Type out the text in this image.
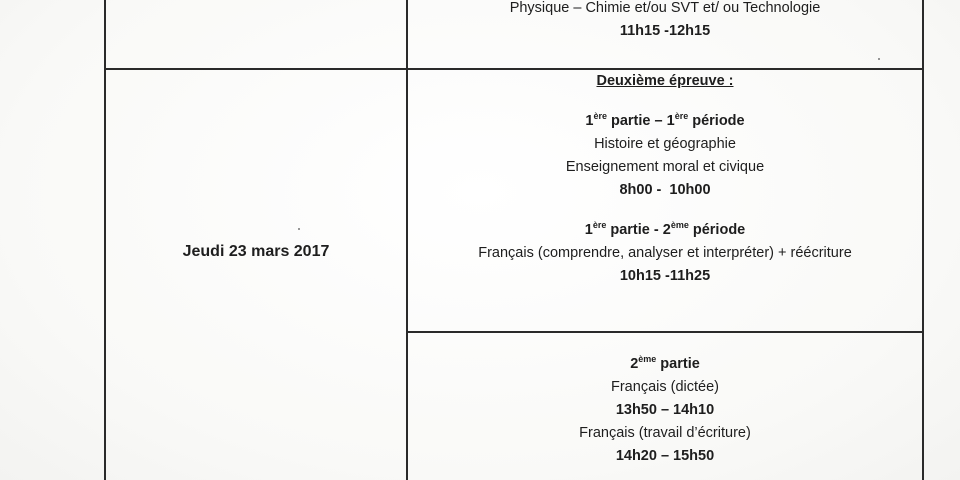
Physique – Chimie et/ou SVT et/ ou Technologie
11h15 -12h15
Jeudi 23 mars 2017
Deuxième épreuve :
1ère partie – 1ère période
Histoire et géographie
Enseignement moral et civique
8h00 -  10h00
1ère partie - 2ème période
Français (comprendre, analyser et interpréter) + réécriture
10h15 -11h25
2ème partie
Français (dictée)
13h50 – 14h10
Français (travail d’écriture)
14h20 – 15h50
